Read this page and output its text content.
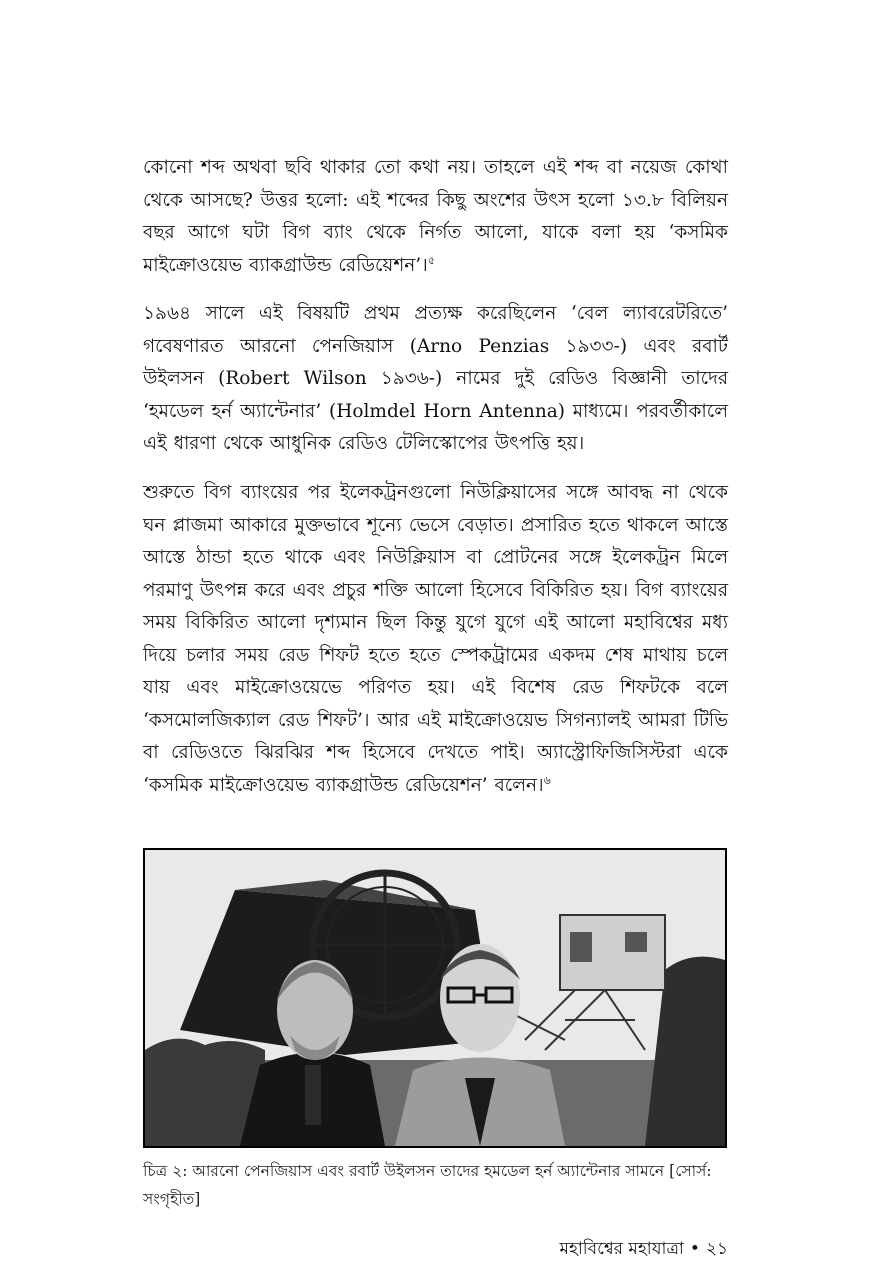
কোনো শব্দ অথবা ছবি থাকার তো কথা নয়। তাহলে এই শব্দ বা নয়েজ কোথা থেকে আসছে? উত্তর হলো: এই শব্দের কিছু অংশের উৎস হলো ১৩.৮ বিলিয়ন বছর আগে ঘটা বিগ ব্যাং থেকে নির্গত আলো, যাকে বলা হয় ‘কসমিক মাইক্রোওয়েভ ব্যাকগ্রাউন্ড রেডিয়েশন’।$^৫$

১৯৬৪ সালে এই বিষয়টি প্রথম প্রত্যক্ষ করেছিলেন ‘বেল ল্যাবরেটরিতে’ গবেষণারত আরনো পেনজিয়াস (Arno Penzias ১৯৩৩-) এবং রবার্ট উইলসন (Robert Wilson ১৯৩৬-) নামের দুই রেডিও বিজ্ঞানী তাদের ‘হমডেল হর্ন অ্যান্টেনার’ (Holmdel Horn Antenna) মাধ্যমে। পরবর্তীকালে এই ধারণা থেকে আধুনিক রেডিও টেলিস্কোপের উৎপত্তি হয়।

শুরুতে বিগ ব্যাংয়ের পর ইলেকট্রনগুলো নিউক্লিয়াসের সঙ্গে আবদ্ধ না থেকে ঘন প্লাজমা আকারে মুক্তভাবে শূন্যে ভেসে বেড়াত। প্রসারিত হতে থাকলে আস্তে আস্তে ঠান্ডা হতে থাকে এবং নিউক্লিয়াস বা প্রোটনের সঙ্গে ইলেকট্রন মিলে পরমাণু উৎপন্ন করে এবং প্রচুর শক্তি আলো হিসেবে বিকিরিত হয়। বিগ ব্যাংয়ের সময় বিকিরিত আলো দৃশ্যমান ছিল কিন্তু যুগে যুগে এই আলো মহাবিশ্বের মধ্য দিয়ে চলার সময় রেড শিফট হতে হতে স্পেকট্রামের একদম শেষ মাথায় চলে যায় এবং মাইক্রোওয়েভে পরিণত হয়। এই বিশেষ রেড শিফটকে বলে ‘কসমোলজিক্যাল রেড শিফট’। আর এই মাইক্রোওয়েভ সিগন্যালই আমরা টিভি বা রেডিওতে ঝিরঝির শব্দ হিসেবে দেখতে পাই। অ্যাস্ট্রোফিজিসিস্টরা একে ‘কসমিক মাইক্রোওয়েভ ব্যাকগ্রাউন্ড রেডিয়েশন’ বলেন।$^৬$

চিত্র ২: আরনো পেনজিয়াস এবং রবার্ট উইলসন তাদের হমডেল হর্ন অ্যান্টেনার সামনে [সোর্স: সংগৃহীত]
মহাবিশ্বের মহাযাত্রা • ২১
